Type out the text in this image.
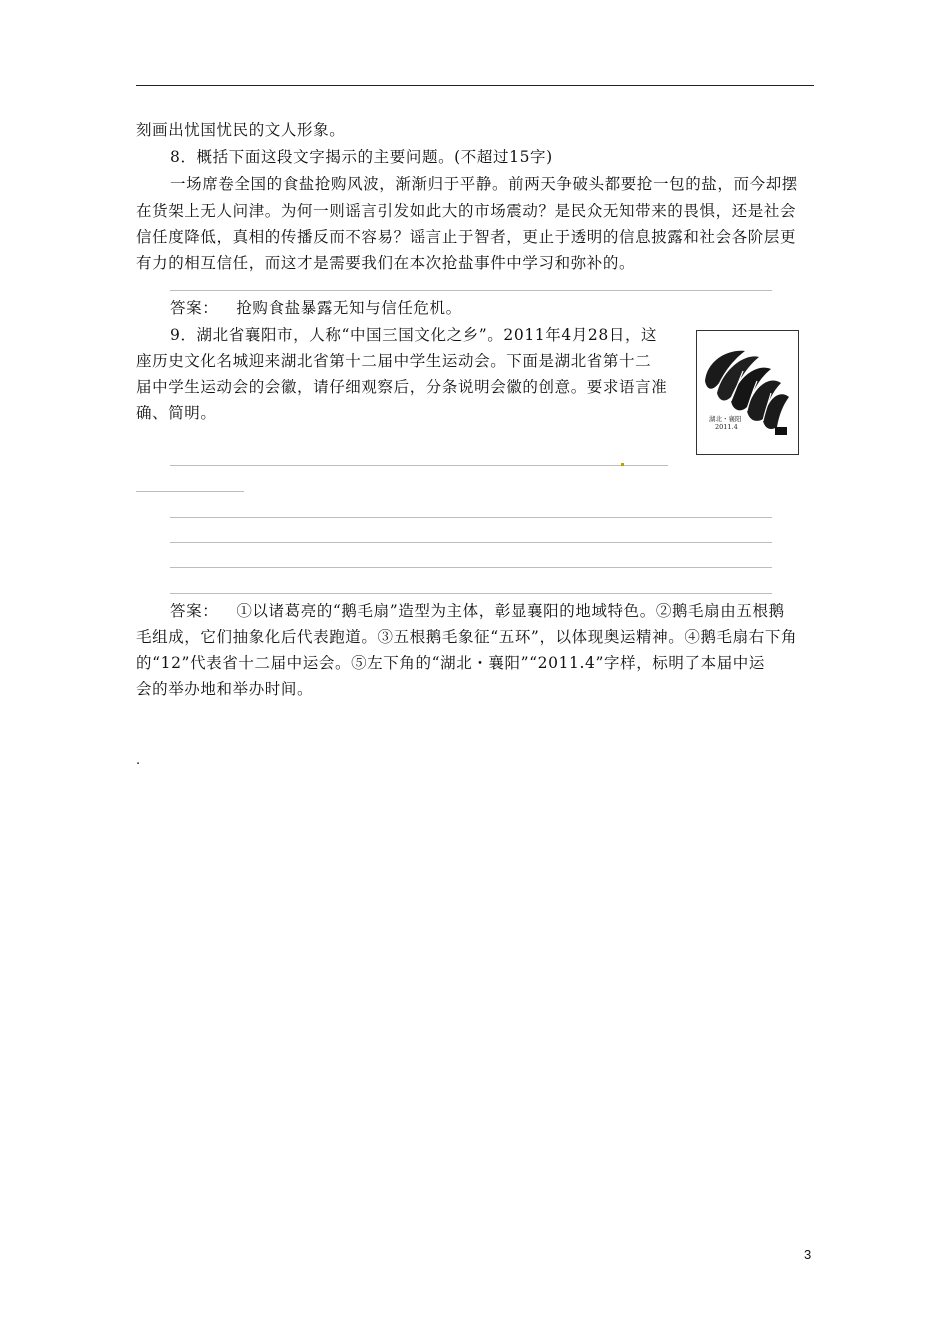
刻画出忧国忧民的文人形象。
8．概括下面这段文字揭示的主要问题。(不超过15字)
一场席卷全国的食盐抢购风波，渐渐归于平静。前两天争破头都要抢一包的盐，而今却摆
在货架上无人问津。为何一则谣言引发如此大的市场震动？是民众无知带来的畏惧，还是社会
信任度降低，真相的传播反而不容易？谣言止于智者，更止于透明的信息披露和社会各阶层更
有力的相互信任，而这才是需要我们在本次抢盐事件中学习和弥补的。
答案： 抢购食盐暴露无知与信任危机。
9．湖北省襄阳市，人称“中国三国文化之乡”。2011年4月28日，这
座历史文化名城迎来湖北省第十二届中学生运动会。下面是湖北省第十二
届中学生运动会的会徽，请仔细观察后，分条说明会徽的创意。要求语言准
确、简明。	湖北・襄阳
2011.4
答案： ①以诸葛亮的“鹅毛扇”造型为主体，彰显襄阳的地域特色。②鹅毛扇由五根鹅
毛组成，它们抽象化后代表跑道。③五根鹅毛象征“五环”，以体现奥运精神。④鹅毛扇右下角
的“12”代表省十二届中运会。⑤左下角的“湖北・襄阳”“2011.4”字样，标明了本届中运
会的举办地和举办时间。
.
3
